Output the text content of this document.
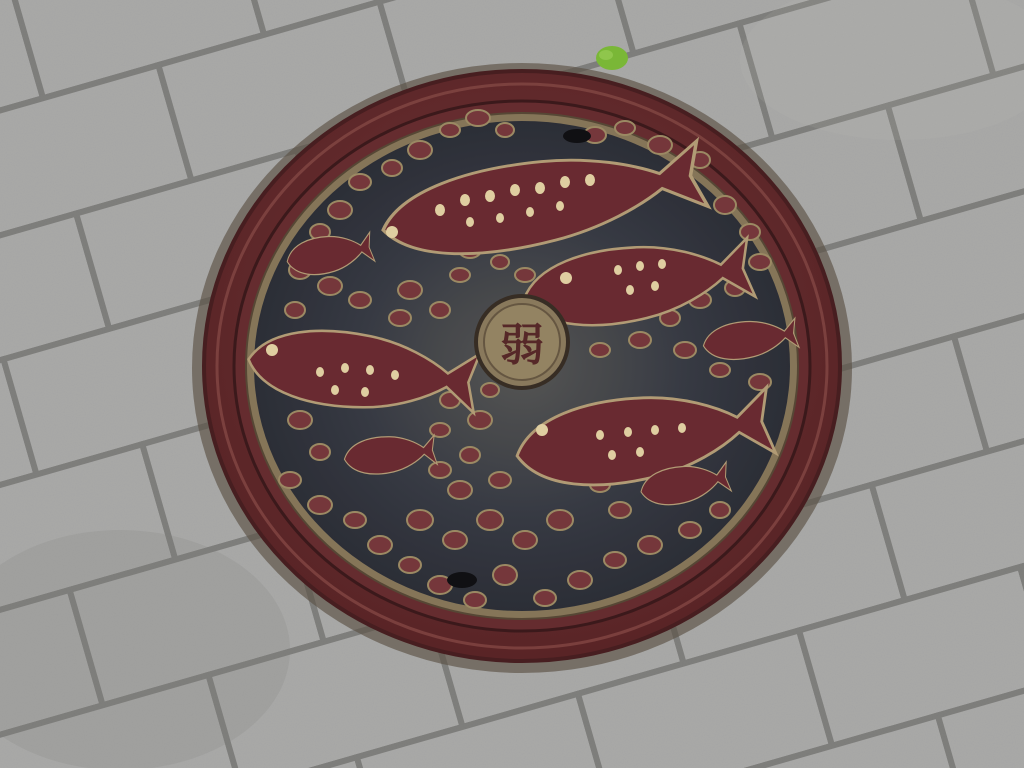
弱
